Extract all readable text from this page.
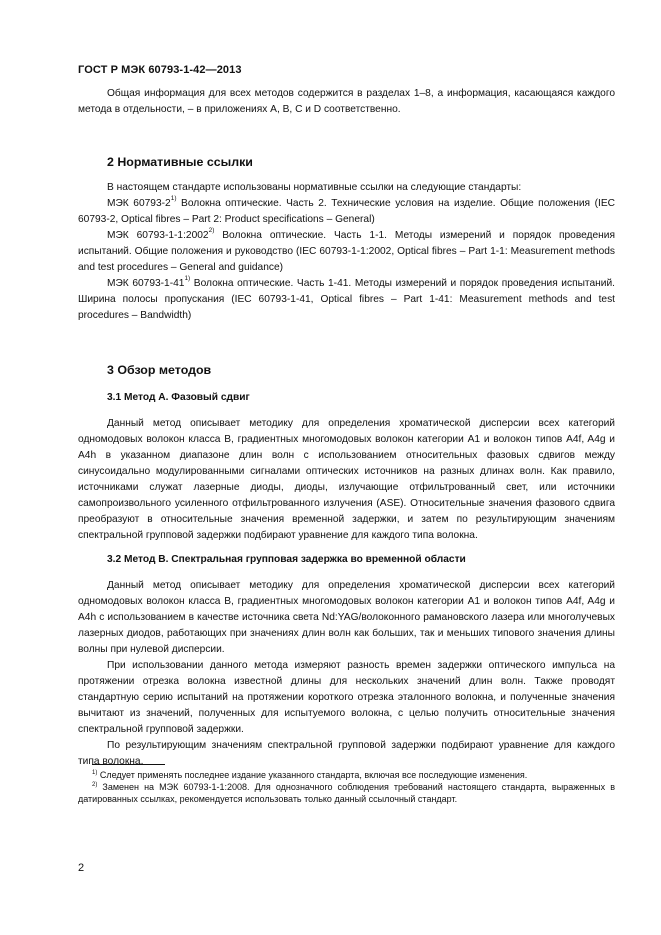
ГОСТ Р МЭК 60793-1-42—2013

Общая информация для всех методов содержится в разделах 1–8, а информация, касающаяся каждого метода в отдельности, – в приложениях A, B, C и D соответственно.

2 Нормативные ссылки

В настоящем стандарте использованы нормативные ссылки на следующие стандарты:

МЭК 60793-2$^{1)}$ Волокна оптические. Часть 2. Технические условия на изделие. Общие положения (IEC 60793-2, Optical fibres – Part 2: Product specifications – General)

МЭК 60793-1-1:2002$^{2)}$ Волокна оптические. Часть 1-1. Методы измерений и порядок проведения испытаний. Общие положения и руководство (IEC 60793-1-1:2002, Optical fibres – Part 1-1: Measurement methods and test procedures – General and guidance)

МЭК 60793-1-41$^{1)}$ Волокна оптические. Часть 1-41. Методы измерений и порядок проведения испытаний. Ширина полосы пропускания (IEC 60793-1-41, Optical fibres – Part 1-41: Measurement methods and test procedures – Bandwidth)

3 Обзор методов
3.1 Метод А. Фазовый сдвиг

Данный метод описывает методику для определения хроматической дисперсии всех категорий одномодовых волокон класса B, градиентных многомодовых волокон категории A1 и волокон типов A4f, A4g и A4h в указанном диапазоне длин волн с использованием относительных фазовых сдвигов между синусоидально модулированными сигналами оптических источников на разных длинах волн. Как правило, источниками служат лазерные диоды, диоды, излучающие отфильтрованный свет, или источники самопроизвольного усиленного отфильтрованного излучения (ASE). Относительные значения фазового сдвига преобразуют в относительные значения временной задержки, и затем по результирующим значениям спектральной групповой задержки подбирают уравнение для каждого типа волокна.

3.2 Метод B. Спектральная групповая задержка во временной области

Данный метод описывает методику для определения хроматической дисперсии всех категорий одномодовых волокон класса B, градиентных многомодовых волокон категории A1 и волокон типов A4f, A4g и A4h с использованием в качестве источника света Nd:YAG/волоконного рамановского лазера или многолучевых лазерных диодов, работающих при значениях длин волн как больших, так и меньших типового значения длины волны при нулевой дисперсии.

При использовании данного метода измеряют разность времен задержки оптического импульса на протяжении отрезка волокна известной длины для нескольких значений длин волн. Также проводят стандартную серию испытаний на протяжении короткого отрезка эталонного волокна, и полученные значения вычитают из значений, полученных для испытуемого волокна, с целью получить относительные значения спектральной групповой задержки.

По результирующим значениям спектральной групповой задержки подбирают уравнение для каждого типа волокна.

$^{1)}$ Следует применять последнее издание указанного стандарта, включая все последующие изменения.

$^{2)}$ Заменен на МЭК 60793-1-1:2008. Для однозначного соблюдения требований настоящего стандарта, выраженных в датированных ссылках, рекомендуется использовать только данный ссылочный стандарт.

2
